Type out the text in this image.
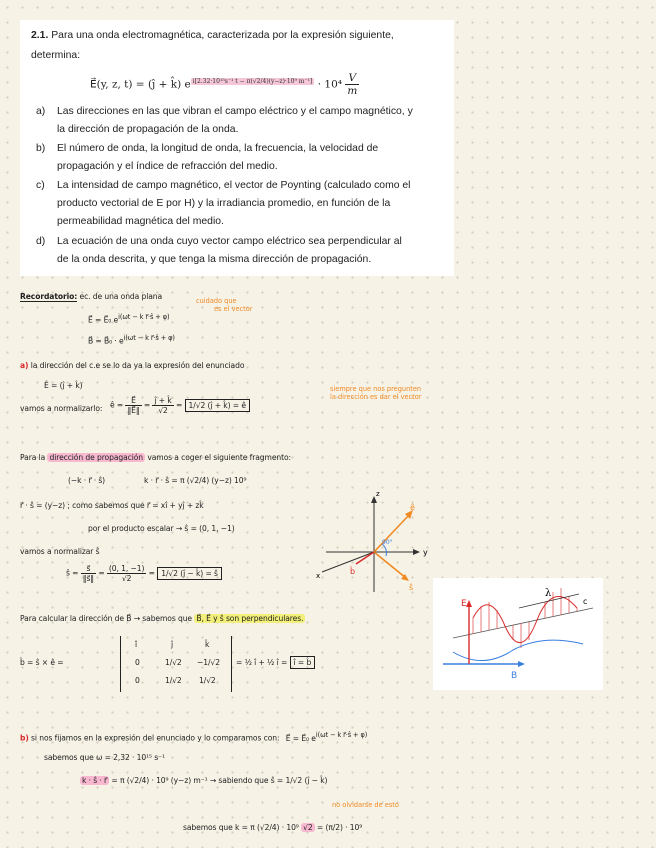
2.1. Para una onda electromagnética, caracterizada por la expresión siguiente,
determina:
E⃗(y, z, t) = (ĵ + k̂) e $^{i[2.32\cdot 10^{15}s^{-1} t - \pi(√2/4)(y-z)\cdot 10^9 m^{-1}]} \cdot 10^4 \frac{V}{m}$
a) Las direcciones en las que vibran el campo eléctrico y el campo magnético, y
la dirección de propagación de la onda.
b) El número de onda, la longitud de onda, la frecuencia, la velocidad de
propagación y el índice de refracción del medio.
c) La intensidad de campo magnético, el vector de Poynting (calculado como el
producto vectorial de E por H) y la irradiancia promedio, en función de la
permeabilidad magnética del medio.
d) La ecuación de una onda cuyo vector campo eléctrico sea perpendicular al
de la onda descrita, y que tenga la misma dirección de propagación.
Recordatorio: ec. de una onda plana	cuidado que
es el vector
E⃗ = E⃗₀ $e^{i(\omega t - k r⃗\cdot ŝ + \varphi)}$
B⃗ = B⃗₀ · $e^{i(\omega t - k r⃗\cdot ŝ + \varphi)}$
a) la dirección del c.e se lo da ya la expresión del enunciado
Ê = (ĵ + k̂)
vamos a normalizarlo: ê = $\frac{E⃗}{‖E⃗‖} = \frac{ĵ + k̂}{√2} = 1/√2$ (ĵ + k̂) = ê
siempre que nos pregunten
la dirección es dar el vector
Para la dirección de propagación vamos a coger el siguiente fragmento:
(−k · r⃗ · ŝ)	k · r⃗ · ŝ = π (√2/4) (y−z) 10⁹
r⃗ · ŝ = (y−z) ; como sabemos que r⃗ = xî + yĵ + zk̂
por el producto escalar → ŝ = (0, 1, −1)
vamos a normalizar ŝ
ŝ = $\frac{s⃗}{‖s⃗‖} = \frac{(0, 1, -1)}{√2} = 1/√2$ (ĵ − k̂) = ŝ
z
y
x
ê
ŝ
b̂
90°
Para calcular la dirección de B⃗ → sabemos que B⃗, E⃗ y ŝ son perpendiculares.
b̂ = ŝ × ê =
î	ĵ	k̂
0	1/√2 −1/√2
0	1/√2 1/√2
= ½ î + ½ î = î = b̂
λ
E
B
c
b) si nos fijamos en la expresión del enunciado y lo comparamos con: E⃗ = E⃗₀ $e^{i(\omega t - k r⃗\cdot ŝ + \varphi)}$
sabemos que ω = 2,32 · 10¹⁵ s⁻¹
k · ŝ · r⃗ = π (√2/4) · 10⁹ (y−z) m⁻¹ → sabiendo que ŝ = 1/√2 (ĵ − k̂)
no olvidarse de esto
sabemos que k = π (√2/4) · 10⁹ √2 = (π/2) · 10⁹
